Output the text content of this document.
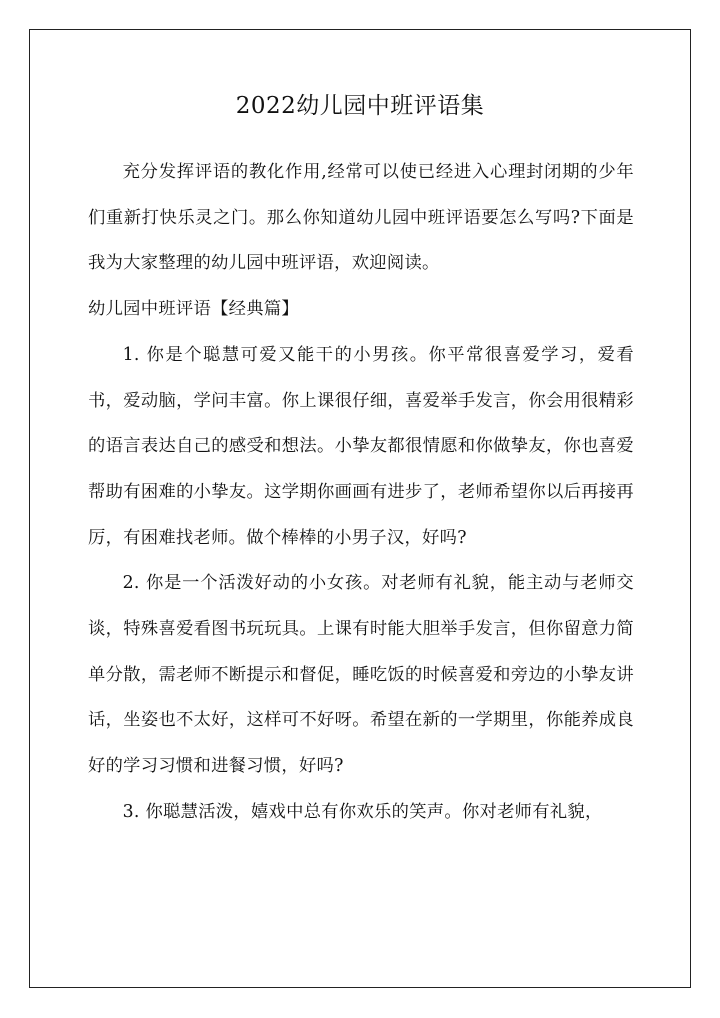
2022幼儿园中班评语集

充分发挥评语的教化作用,经常可以使已经进入心理封闭期的少年们重新打快乐灵之门。那么你知道幼儿园中班评语要怎么写吗?下面是我为大家整理的幼儿园中班评语，欢迎阅读。

幼儿园中班评语【经典篇】

1. 你是个聪慧可爱又能干的小男孩。你平常很喜爱学习，爱看书，爱动脑，学问丰富。你上课很仔细，喜爱举手发言，你会用很精彩的语言表达自己的感受和想法。小挚友都很情愿和你做挚友，你也喜爱帮助有困难的小挚友。这学期你画画有进步了，老师希望你以后再接再厉，有困难找老师。做个棒棒的小男子汉，好吗?

2. 你是一个活泼好动的小女孩。对老师有礼貌，能主动与老师交谈，特殊喜爱看图书玩玩具。上课有时能大胆举手发言，但你留意力简单分散，需老师不断提示和督促，睡吃饭的时候喜爱和旁边的小挚友讲话，坐姿也不太好，这样可不好呀。希望在新的一学期里，你能养成良好的学习习惯和进餐习惯，好吗?

3. 你聪慧活泼，嬉戏中总有你欢乐的笑声。你对老师有礼貌，
